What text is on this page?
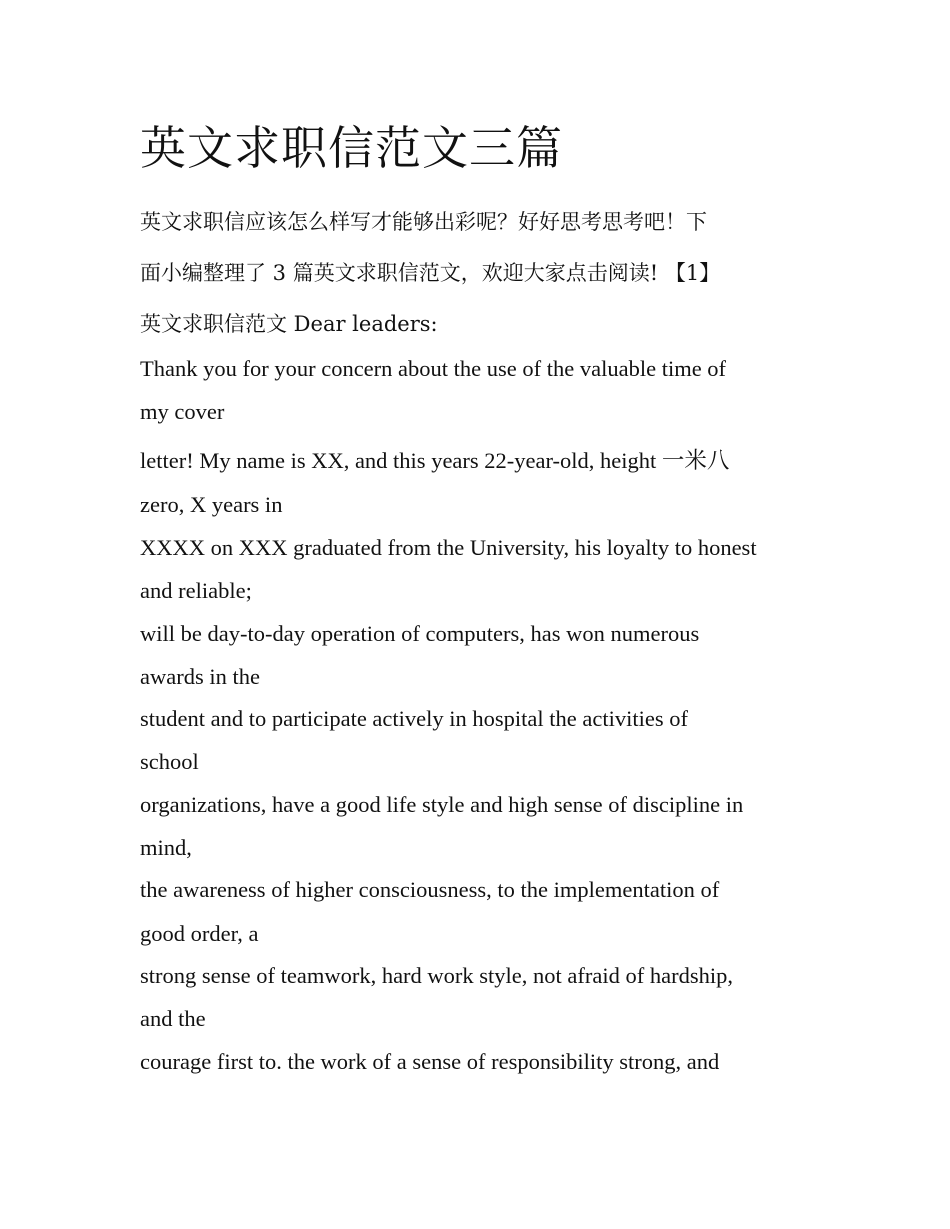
英文求职信范文三篇
英文求职信应该怎么样写才能够出彩呢？好好思考思考吧！下
面小编整理了 3 篇英文求职信范文，欢迎大家点击阅读! 【1】
英文求职信范文 Dear leaders:
Thank you for your concern about the use of the valuable time of
my cover
letter! My name is XX, and this years 22-year-old, height 一米八
zero, X years in
XXXX on XXX graduated from the University, his loyalty to honest
and reliable;
will be day-to-day operation of computers, has won numerous
awards in the
student and to participate actively in hospital the activities of
school
organizations, have a good life style and high sense of discipline in
mind,
the awareness of higher consciousness, to the implementation of
good order, a
strong sense of teamwork, hard work style, not afraid of hardship,
and the
courage first to. the work of a sense of responsibility strong, and
